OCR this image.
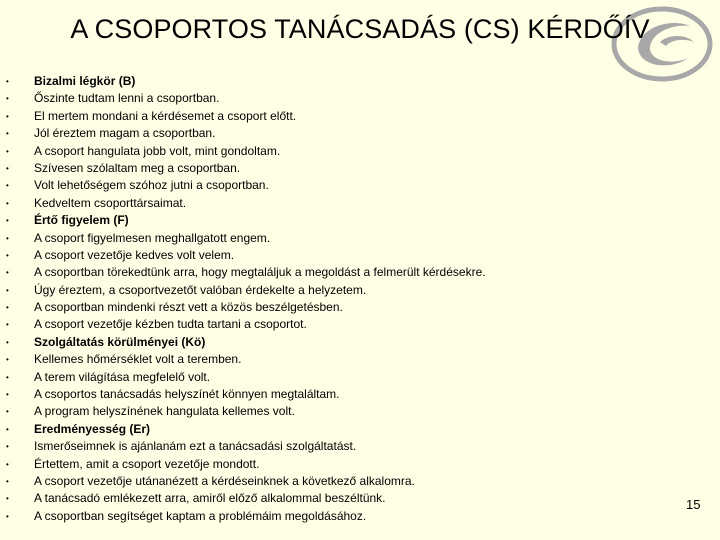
A CSOPORTOS TANÁCSADÁS (CS) KÉRDŐÍV
• Bizalmi légkör (B)
• Őszinte tudtam lenni a csoportban.
• El mertem mondani a kérdésemet a csoport előtt.
• Jól éreztem magam a csoportban.
• A csoport hangulata jobb volt, mint gondoltam.
• Szívesen szólaltam meg a csoportban.
• Volt lehetőségem szóhoz jutni a csoportban.
• Kedveltem csoporttársaimat.
• Értő figyelem (F)
• A csoport figyelmesen meghallgatott engem.
• A csoport vezetője kedves volt velem.
• A csoportban törekedtünk arra, hogy megtaláljuk a megoldást a felmerült kérdésekre.
• Úgy éreztem, a csoportvezetőt valóban érdekelte a helyzetem.
• A csoportban mindenki részt vett a közös beszélgetésben.
• A csoport vezetője kézben tudta tartani a csoportot.
• Szolgáltatás körülményei (Kö)
• Kellemes hőmérséklet volt a teremben.
• A terem világítása megfelelő volt.
• A csoportos tanácsadás helyszínét könnyen megtaláltam.
• A program helyszínének hangulata kellemes volt.
• Eredményesség (Er)
• Ismerőseimnek is ajánlanám ezt a tanácsadási szolgáltatást.
• Értettem, amit a csoport vezetője mondott.
• A csoport vezetője utánanézett a kérdéseinknek a következő alkalomra.
• A tanácsadó emlékezett arra, amiről előző alkalommal beszéltünk.
• A csoportban segítséget kaptam a problémáim megoldásához.
15
